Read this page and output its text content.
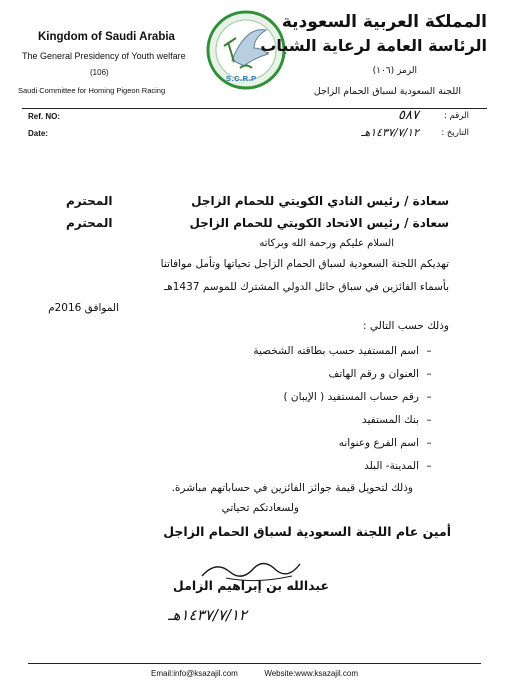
Kingdom of Saudi Arabia
The General Presidency of Youth welfare
(106)
Saudi Committee for Homing Pigeon Racing
S.C.R.P
المملكة العربية السعودية
الرئاسة العامة لرعاية الشباب
الرمز (١٠٦)
اللجنة السعودية لسباق الحمام الزاجل
Ref. NO:
Date:
الرقم :
٥٨٧
التاريخ :
١٤٣٧/٧/١٢هـ
سعادة / رئيس النادي الكويتي للحمام الزاجل
المحترم
سعادة / رئيس الاتحاد الكويتي للحمام الزاجل
المحترم
السلام عليكم ورحمة الله وبركاته
تهديكم اللجنة السعودية لسباق الحمام الزاجل تحياتها وتأمل موافاتنا
بأسماء الفائزين في سباق حائل الدولي المشترك للموسم 1437هـ
الموافق 2016م
وذلك حسب التالي :
–اسم المستفيد حسب بطاقته الشخصية
–العنوان و رقم الهاتف
–رقم حساب المستفيد ( الإيبان )
–بنك المستفيد
–اسم الفرع وعنوانه
–المدينة- البلد
وذلك لتحويل قيمة جوائز الفائزين في حساباتهم مباشرة.
ولسعادتكم تحياتي
أمين عام اللجنة السعودية لسباق الحمام الزاجل
عبدالله بن إبراهيم الزامل
١٤٣٧/٧/١٢هـ
Email:info@ksazajil.com	Website:www.ksazajil.com
